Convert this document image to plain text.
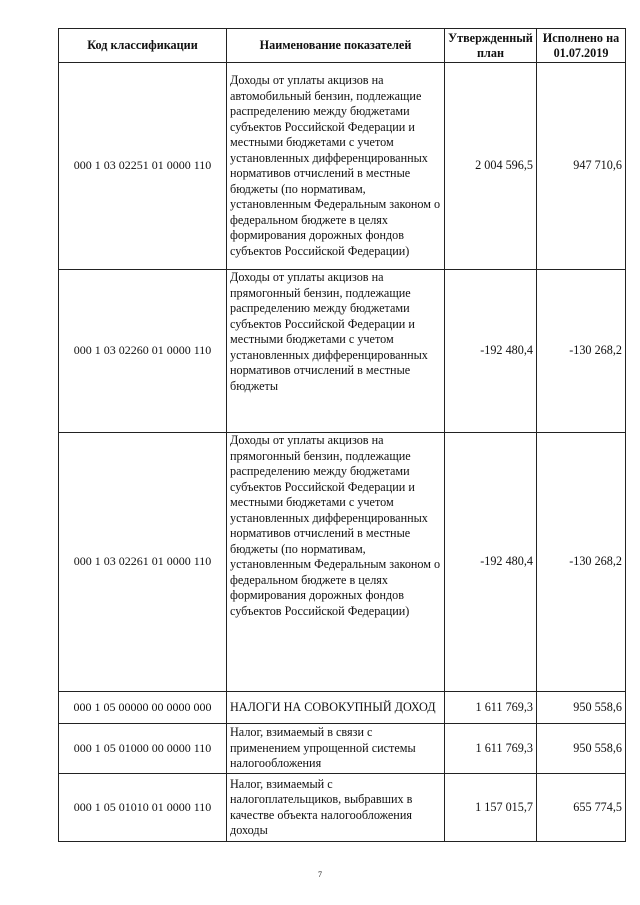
Код классификации	Наименование показателей	Утвержденный план	Исполнено на 01.07.2019
000 1 03 02251 01 0000 110	Доходы от уплаты акцизов на автомобильный бензин, подлежащие распределению между бюджетами субъектов Российской Федерации и местными бюджетами с учетом установленных дифференцированных нормативов отчислений в местные бюджеты (по нормативам, установленным Федеральным законом о федеральном бюджете в целях формирования дорожных фондов субъектов Российской Федерации)	2 004 596,5	947 710,6
000 1 03 02260 01 0000 110	Доходы от уплаты акцизов на прямогонный бензин, подлежащие распределению между бюджетами субъектов Российской Федерации и местными бюджетами с учетом установленных дифференцированных нормативов отчислений в местные бюджеты	-192 480,4	-130 268,2
000 1 03 02261 01 0000 110	Доходы от уплаты акцизов на прямогонный бензин, подлежащие распределению между бюджетами субъектов Российской Федерации и местными бюджетами с учетом установленных дифференцированных нормативов отчислений в местные бюджеты (по нормативам, установленным Федеральным законом о федеральном бюджете в целях формирования дорожных фондов субъектов Российской Федерации)	-192 480,4	-130 268,2
000 1 05 00000 00 0000 000	НАЛОГИ НА СОВОКУПНЫЙ ДОХОД	1 611 769,3	950 558,6
000 1 05 01000 00 0000 110	Налог, взимаемый в связи с применением упрощенной системы налогообложения	1 611 769,3	950 558,6
000 1 05 01010 01 0000 110	Налог, взимаемый с налогоплательщиков, выбравших в качестве объекта налогообложения доходы	1 157 015,7	655 774,5
7
